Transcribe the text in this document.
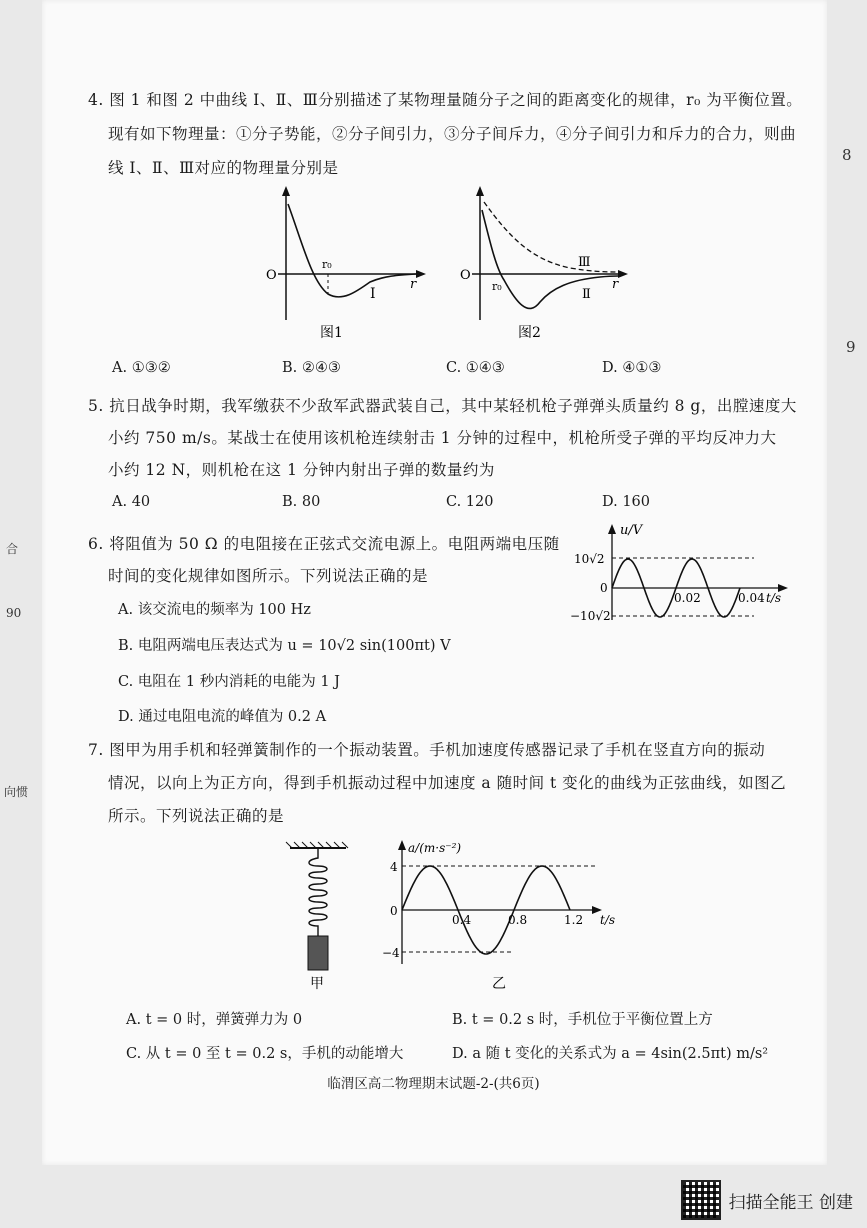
8
9
合
90
向惯
4. 图 1 和图 2 中曲线 Ⅰ、Ⅱ、Ⅲ分别描述了某物理量随分子之间的距离变化的规律，r₀ 为平衡位置。
现有如下物理量：①分子势能，②分子间引力，③分子间斥力，④分子间引力和斥力的合力，则曲
线 Ⅰ、Ⅱ、Ⅲ对应的物理量分别是
O
r₀
Ⅰ
r
图1
O
r₀
Ⅲ
Ⅱ
r
图2
A. ①③②	B. ②④③	C. ①④③	D. ④①③
5. 抗日战争时期，我军缴获不少敌军武器武装自己，其中某轻机枪子弹弹头质量约 8 g，出膛速度大
小约 750 m/s。某战士在使用该机枪连续射击 1 分钟的过程中，机枪所受子弹的平均反冲力大
小约 12 N，则机枪在这 1 分钟内射出子弹的数量约为
A. 40	B. 80	C. 120	D. 160
6. 将阻值为 50 Ω 的电阻接在正弦式交流电源上。电阻两端电压随
时间的变化规律如图所示。下列说法正确的是
u/V
10√2
0
−10√2
0.02	0.04 t/s
A. 该交流电的频率为 100 Hz
B. 电阻两端电压表达式为 u = 10√2 sin(100πt) V
C. 电阻在 1 秒内消耗的电能为 1 J
D. 通过电阻电流的峰值为 0.2 A
7. 图甲为用手机和轻弹簧制作的一个振动装置。手机加速度传感器记录了手机在竖直方向的振动
情况，以向上为正方向，得到手机振动过程中加速度 a 随时间 t 变化的曲线为正弦曲线，如图乙
所示。下列说法正确的是
甲
a/(m·s⁻²)
4
0
−4
0.4	0.8	1.2 t/s
乙
A. t = 0 时，弹簧弹力为 0	B. t = 0.2 s 时，手机位于平衡位置上方
C. 从 t = 0 至 t = 0.2 s，手机的动能增大	D. a 随 t 变化的关系式为 a = 4sin(2.5πt) m/s²
临渭区高二物理期末试题-2-(共6页)
扫描全能王 创建
